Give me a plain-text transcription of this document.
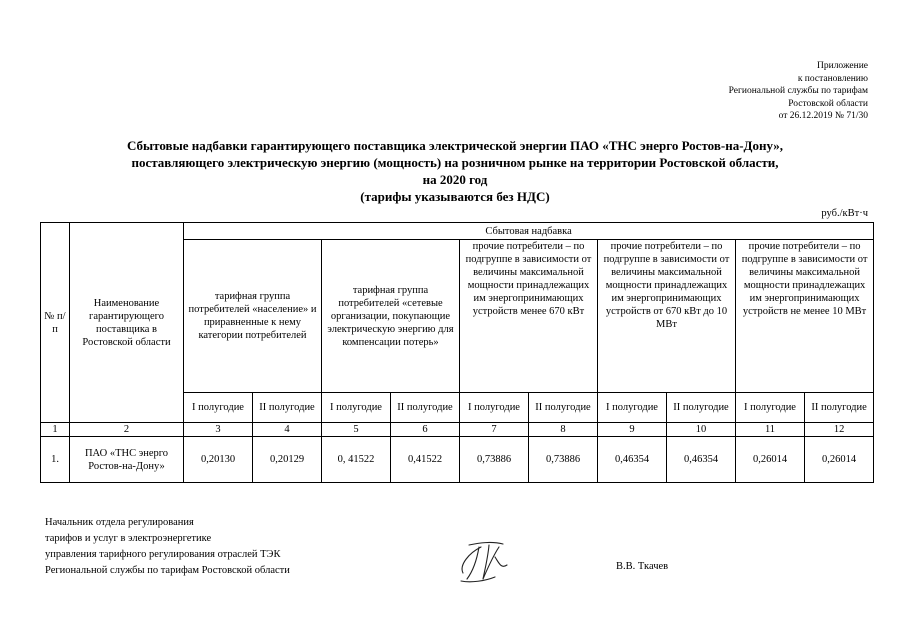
Приложение
к постановлению
Региональной службы по тарифам
Ростовской области
от 26.12.2019 № 71/30
Сбытовые надбавки гарантирующего поставщика электрической энергии ПАО «ТНС энерго Ростов-на-Дону»,
поставляющего электрическую энергию (мощность) на розничном рынке на территории Ростовской области,
на 2020 год
(тарифы указываются без НДС)
руб./кВт·ч
№ п/п	Наименование гарантирующего поставщика в Ростовской области	Сбытовая надбавка									
		тарифная группа потребителей «население» и приравненные к нему категории потребителей		тарифная группа потребителей «сетевые организации, покупающие электрическую энергию для компенсации потерь»		прочие потребители – по подгруппе в зависимости от величины максимальной мощности принадлежащих им энергопринимающих устройств менее 670 кВт		прочие потребители – по подгруппе в зависимости от величины максимальной мощности принадлежащих им энергопринимающих устройств от 670 кВт до 10 МВт		прочие потребители – по подгруппе в зависимости от величины максимальной мощности принадлежащих им энергопринимающих устройств не менее 10 МВт	
		I полугодие	II полугодие	I полугодие	II полугодие	I полугодие	II полугодие	I полугодие	II полугодие	I полугодие	II полугодие
1	2	3	4	5	6	7	8	9	10	11	12
1.	ПАО «ТНС энерго Ростов-на-Дону»	0,20130	0,20129	0, 41522	0,41522	0,73886	0,73886	0,46354	0,46354	0,26014	0,26014
Начальник отдела регулирования
тарифов и услуг в электроэнергетике
управления тарифного регулирования отраслей ТЭК
Региональной службы по тарифам Ростовской области	В.В. Ткачев
